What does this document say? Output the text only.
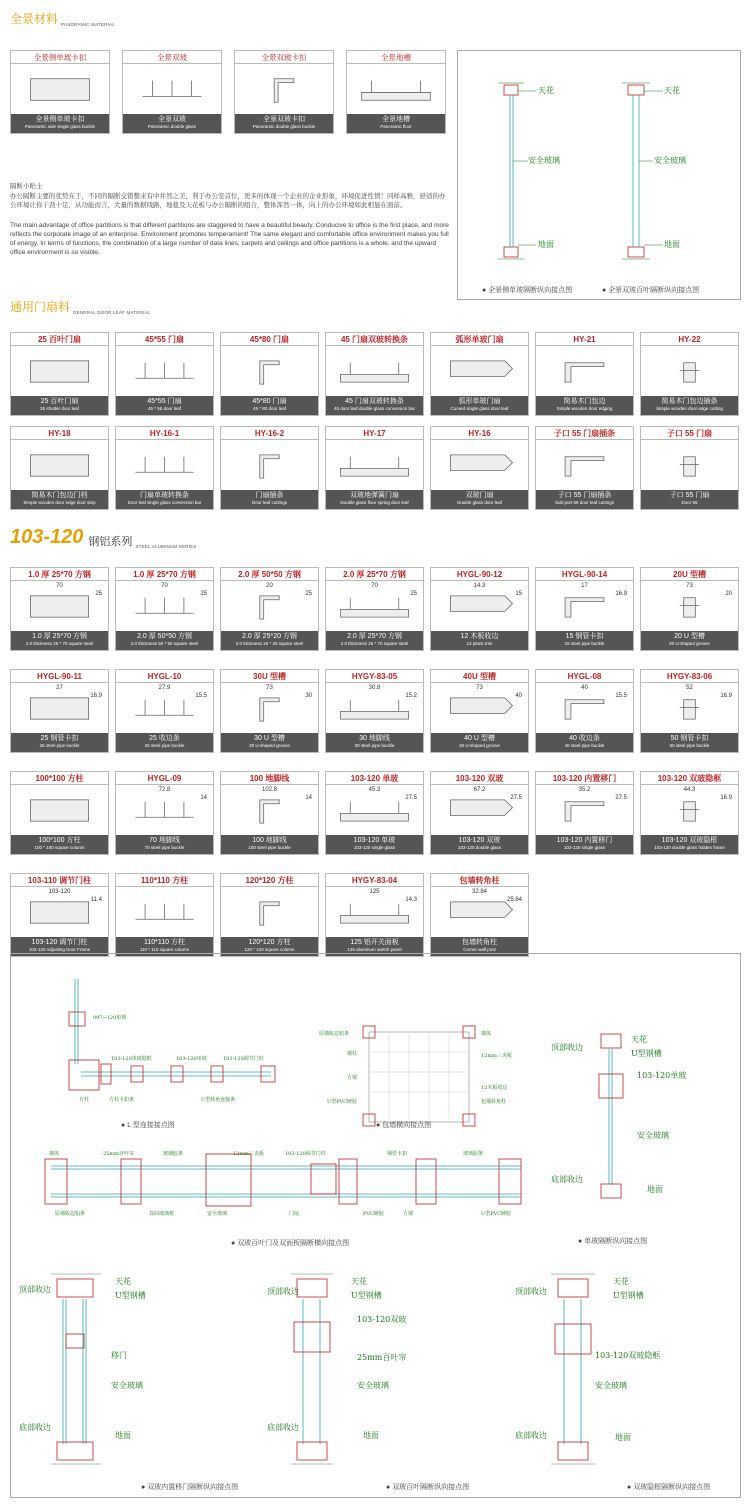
全景材料 PANORAMIC MATERIAL
全景侧单玻卡扣
全景侧单玻卡扣
Panoramic side single glass buckle
全景双玻
全景双玻
Panoramic double glass
全景双玻卡扣
全景双玻卡扣
Panoramic double glass buckle
全景地槽
全景地槽
Panoramic floor
天花
安全玻璃
地面
天花
安全玻璃
地面
● 全景侧单玻隔断纵向接点图	● 全景双玻百叶隔断纵向接点图
隔断小贴士
办公隔断主要的优势在于，不同的隔断交错整来有中井然之美，利于办公室首位，更多的体现一个企业的企业形象，环境促进性情！同样高雅，舒适的办公环境让你干劲十足，从功能而言，大量的数据线路，地毯及天花板与办公隔断的组合，整体浑然一体，向上的办公环境如此相显在面前。
The main advantage of office partitions is that different partitions are staggered to have a beautiful beauty. Conducive to office is the first place, and more reflects the corporate image of an enterprise. Environment promotes temperament! The same elegant and comfortable office environment makes you full of energy. In terms of functions, the combination of a large number of data lines, carpets and ceilings and office partitions is a whole, and the upward office environment is so visible.
通用门扇料 GENERAL DOOR LEAF MATERIAL
25 百叶门扇
25 百叶门扇
25 shutter door leaf
45*55 门扇
45*55 门扇
45 * 55 door leaf
45*80 门扇
45*80 门扇
45 * 80 door leaf
45 门扇双玻转换条
45 门扇双玻转换条
45 door leaf double glass conversion bar
弧形单玻门扇
弧形单玻门扇
Curved single glass door leaf
HY-21
简易木门包边
Simple wooden door edging
HY-22
简易木门包边插条
Simple wooden door edge cutting
HY-18
简易木门包边门档
Simple wooden door edge door stop
HY-16-1
门扇单玻转换条
Door leaf single glass conversion bar
HY-16-2
门扇插条
Door leaf cuttings
HY-17
双玻地弹簧门扇
Double glass floor spring door leaf
HY-16
双玻门扇
Double glass door leaf
子口 55 门扇插条
子口 55 门扇插条
Sub-port 55 door leaf cuttings
子口 55 门扇
子口 55 门扇
Door 55
103-120 钢铝系列 STEEL ALUMINUM SERIES
1.0 厚 25*70 方钢
1.0 厚 25*70 方钢
1.0 thickness 25 * 70 square steel
70
25
1.0 厚 25*70 方钢
2.0 厚 50*50 方钢
2.0 thickness 50 * 50 square steel
70
25
2.0 厚 50*50 方钢
2.0 厚 25*20 方钢
2.0 thickness 25 * 20 square steel
20
25
2.0 厚 25*70 方钢
2.0 厚 25*70 方钢
2.0 thickness 25 * 70 square steel
70
25
HYGL-90-12
12 木板收边
12 plank trim
14.3
15
HYGL-90-14
15 钢管卡扣
15 steel pipe buckle
17
16.9
20U 型槽
20 U 型槽
20 U-shaped groove
73
20
HYGL-90-11
25 钢管卡扣
25 steel pipe buckle
27
16.9
HYGL-10
25 收边条
25 steel pipe buckle
27.9
15.5
30U 型槽
30 U 型槽
30 U-shaped groove
73
30
HYGY-83-05
30 地脚线
30 steel pipe buckle
30.8
15.2
40U 型槽
40 U 型槽
40 U-shaped groove
73
40
HYGL-08
40 收边条
40 steel pipe buckle
40
15.5
HYGY-83-06
50 钢管卡扣
50 steel pipe buckle
52
16.9
100*100 方柱
100*100 方柱
100 * 100 square column
HYGL-09
70 地脚线
70 steel pipe buckle
72.8
14
100 地脚线
100 地脚线
100 steel pipe buckle
102.8
14
103-120 单玻
103-120 单玻
103-120 single glass
45.3
27.5
103-120 双玻
103-120 双玻
103-120 double glass
67.2
27.5
103-120 内置移门
103-120 内置移门
103-120 single glass
35.2
27.5
103-120 双玻隐框
103-120 双玻隐框
103-120 double glass hidden frame
44.3
16.9
103-110 调节门柱
103-120 调节门柱
103-120 Adjusting Door Frame
103-120
11.4
110*110 方柱
110*110 方柱
110 * 110 square column
120*120 方柱
120*120 方柱
120 * 120 square column
HYGY-83-04
125 铝开关面板
125 aluminum switch panel
125
14.3
包墙转角柱
包墙转角柱
Corner wall post
32.84
25.84
097~120单玻
103-120单玻隐框	103-120单玻	103-120调节门柱
方柱	方柱卡扣条	U型转角连接条
● L 型连接接点图
原墙收边铝条	墙体
12mm三夹板
墙柱
方钢
12木板收边
U型PVC硬胶	包墙转角柱
● 包墙横向接点图
天花
顶部收边
U型钢槽
103-120单玻
安全玻璃
底部收边
地面
● 单玻隔断纵向接点图
墙体	25mm百叶帘	玻璃胶条	12mm三夹板	103-120调节门柱	钢管卡扣	玻璃胶条
原墙收边铝条	双面玻璃框	安全玻璃	门扇	PVC硬胶	方钢	U型PVC硬胶
● 双玻百叶门及双面板隔断横向接点图
天花
顶部收边
U型钢槽
移门
安全玻璃
底部收边
地面
● 双玻内置移门隔断纵向接点图
天花
顶部收边	U型钢槽
103-120双玻
25mm百叶帘
安全玻璃
底部收边
地面
● 双玻百叶隔断纵向接点图
天花
顶部收边	U型钢槽
103-120双玻隐框
安全玻璃
底部收边	地面
● 双玻隐框隔断纵向接点图
